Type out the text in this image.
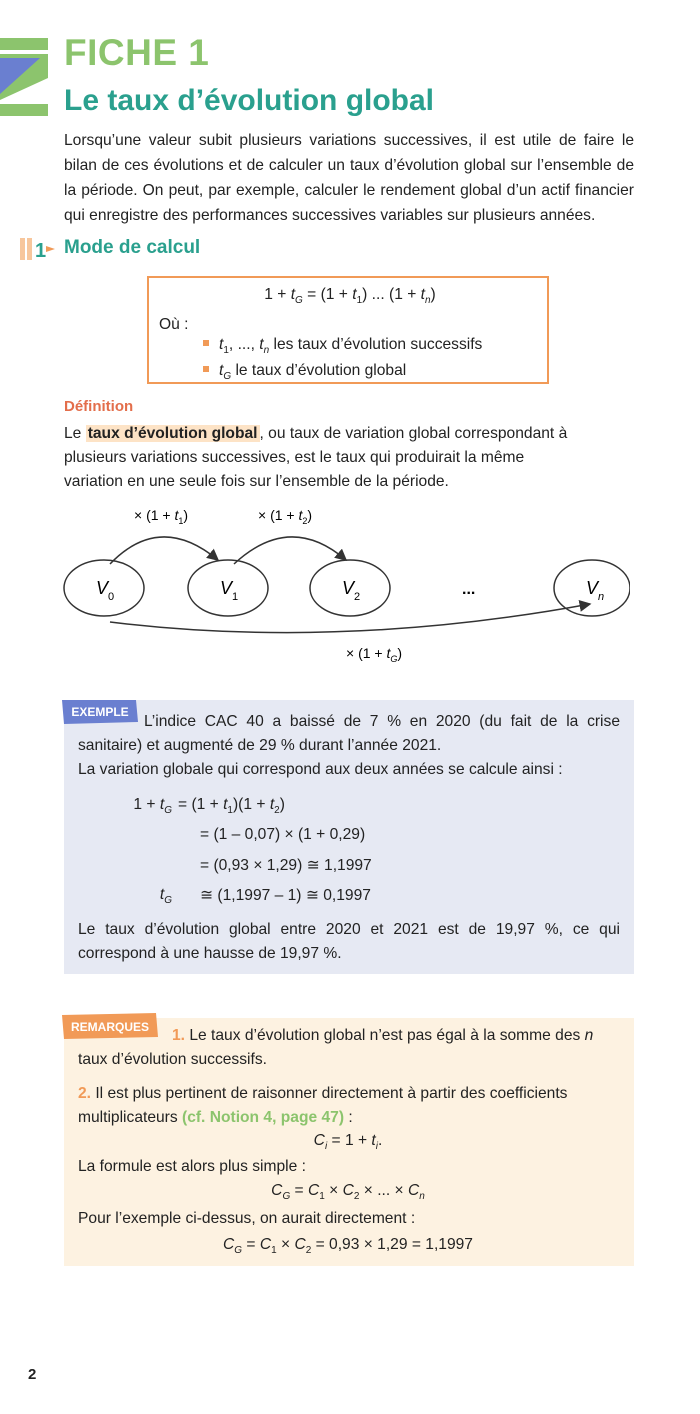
FICHE 1
Le taux d’évolution global
Lorsqu’une valeur subit plusieurs variations successives, il est utile de faire le bilan de ces évolutions et de calculer un taux d’évolution global sur l’ensemble de la période. On peut, par exemple, calculer le rendement global d’un actif financier qui enregistre des performances successives variables sur plusieurs années.
1 Mode de calcul
$1 + t_G = (1 + t_1)$ ... $(1 + t_n)$
Où :
$t_1$, ..., $t_n$ les taux d’évolution successifs
$t_G$ le taux d’évolution global
Définition
Le taux d’évolution global , ou taux de variation global correspondant à plusieurs variations successives, est le taux qui produirait la même variation en une seule fois sur l’ensemble de la période.
$V_0$	$V_1$	$V_2$	$V_n$
...
× $(1 + t_1)$	× $(1 + t_2)$
× $(1 + t_G)$
EXEMPLE
L’indice CAC 40 a baissé de 7 % en 2020 (du fait de la crise sanitaire) et augmenté de 29 % durant l’année 2021.
La variation globale qui correspond aux deux années se calcule ainsi :
$1 + t_G = (1 + t_1)(1 + t_2)$
= (1 – 0,07) × (1 + 0,29)
= (0,93 × 1,29) ≅ 1,1997
$t_G$ ≅ (1,1997 – 1) ≅ 0,1997
Le taux d’évolution global entre 2020 et 2021 est de 19,97 %, ce qui correspond à une hausse de 19,97 %.
REMARQUES	1. Le taux d’évolution global n’est pas égal à la somme des n taux d’évolution successifs.
2. Il est plus pertinent de raisonner directement à partir des coefficients multiplicateurs (cf. Notion 4, page 47) :
$C_i = 1 + t_i$.
La formule est alors plus simple :
$C_G = C_1 \times C_2$ × ... × $C_n$
Pour l’exemple ci-dessus, on aurait directement :
$C_G = C_1 \times C_2 = 0,93 \times 1,29 = 1,1997$
2
